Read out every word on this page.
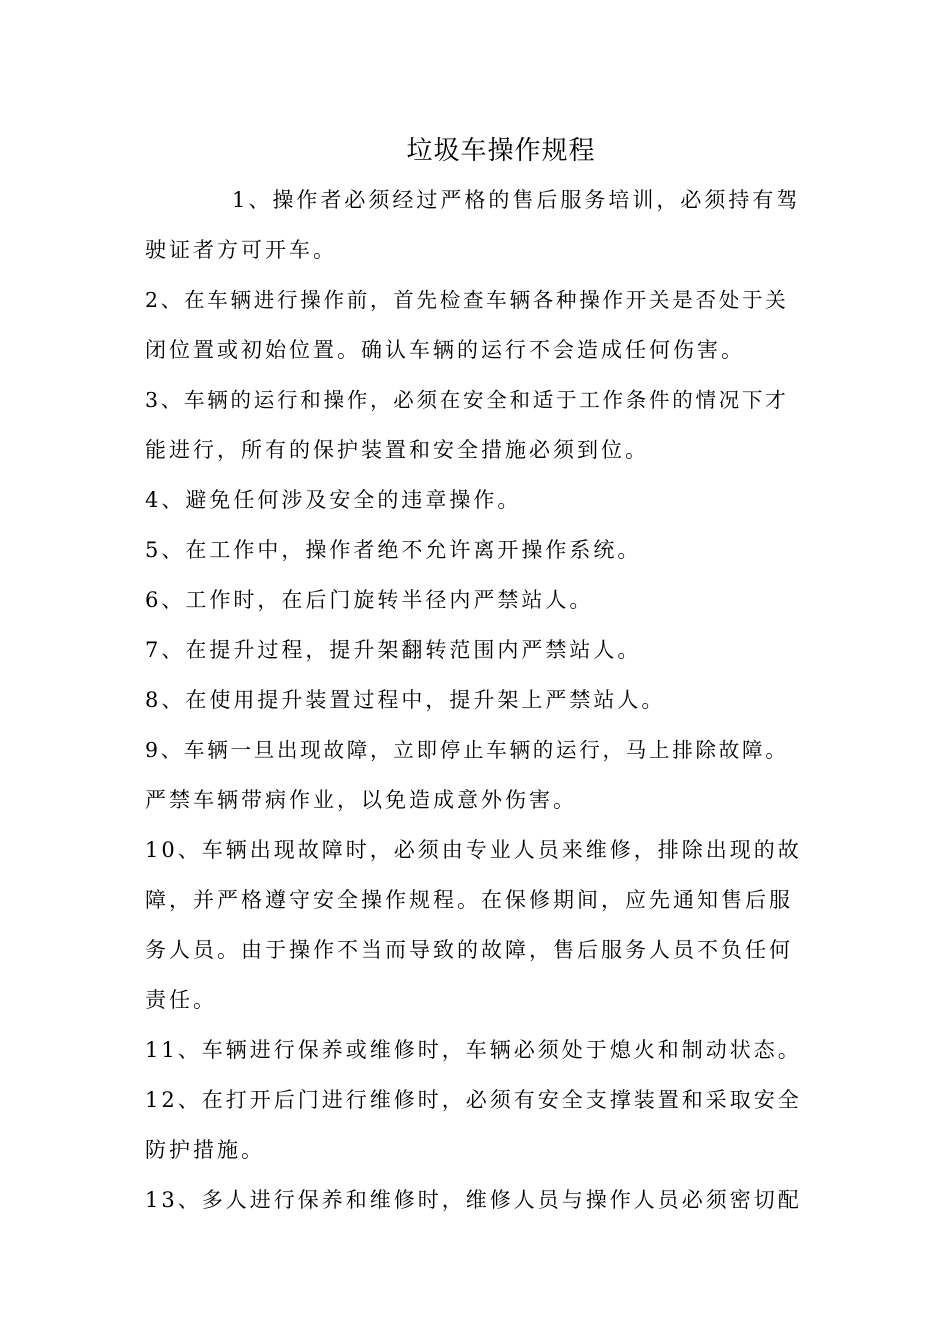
垃圾车操作规程
1、操作者必须经过严格的售后服务培训，必须持有驾
驶证者方可开车。
2、在车辆进行操作前，首先检查车辆各种操作开关是否处于关
闭位置或初始位置。确认车辆的运行不会造成任何伤害。
3、车辆的运行和操作，必须在安全和适于工作条件的情况下才
能进行，所有的保护装置和安全措施必须到位。
4、避免任何涉及安全的违章操作。
5、在工作中，操作者绝不允许离开操作系统。
6、工作时，在后门旋转半径内严禁站人。
7、在提升过程，提升架翻转范围内严禁站人。
8、在使用提升装置过程中，提升架上严禁站人。
9、车辆一旦出现故障，立即停止车辆的运行，马上排除故障。
严禁车辆带病作业，以免造成意外伤害。
10、车辆出现故障时，必须由专业人员来维修，排除出现的故
障，并严格遵守安全操作规程。在保修期间，应先通知售后服
务人员。由于操作不当而导致的故障，售后服务人员不负任何
责任。
11、车辆进行保养或维修时，车辆必须处于熄火和制动状态。
12、在打开后门进行维修时，必须有安全支撑装置和采取安全
防护措施。
13、多人进行保养和维修时，维修人员与操作人员必须密切配
